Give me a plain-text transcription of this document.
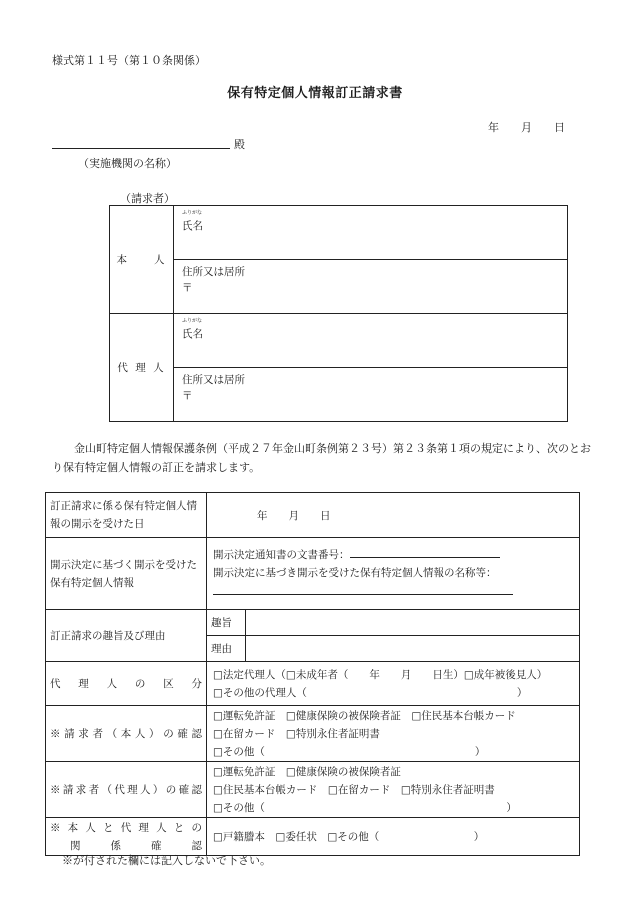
様式第１１号（第１０条関係）
保有特定個人情報訂正請求書
年 月 日
殿
（実施機関の名称）
（請求者）
本　　人	ふりがな
氏名

	住所又は居所
〒

代 理 人	ふりがな
氏名

	住所又は居所
〒
金山町特定個人情報保護条例（平成２７年金山町条例第２３号）第２３条第１項の規定により、次のとおり保有特定個人情報の訂正を請求します。
訂正請求に係る保有特定個人情報の開示を受けた日	年　　月　　日	
開示決定に基づく開示を受けた保有特定個人情報	開示決定通知書の文書番号：
開示決定に基づき開示を受けた保有特定個人情報の名称等：	

訂正請求の趣旨及び理由	趣旨	
	理由	
代理人の区分	□法定代理人（□未成年者（　　年　　月　　日生）□成年被後見人）
□その他の代理人（　　　　　　　　　　　　　　　　　　　　）	

※請求者（本人）の確認	□運転免許証　□健康保険の被保険者証　□住民基本台帳カード
□在留カード　□特別永住者証明書
□その他（　　　　　　　　　　　　　　　　　　　　）	

※請求者（代理人）の確認	□運転免許証　□健康保険の被保険者証
□住民基本台帳カード　□在留カード　□特別永住者証明書
□その他（　　　　　　　　　　　　　　　　　　　　　　　）	

※本人と代理人との
関係確認	□戸籍謄本　□委任状　□その他（　　　　　　　　　）	
※が付された欄には記入しないで下さい。
